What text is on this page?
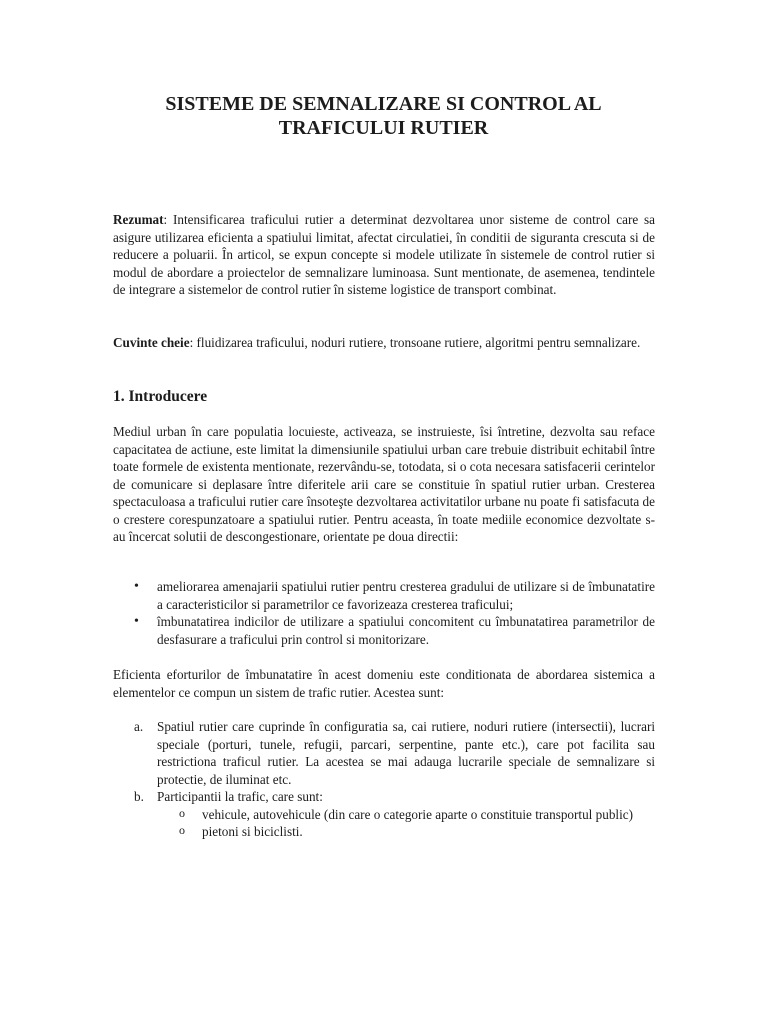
SISTEME DE SEMNALIZARE SI CONTROL AL TRAFICULUI RUTIER

Rezumat: Intensificarea traficului rutier a determinat dezvoltarea unor sisteme de control care sa asigure utilizarea eficienta a spatiului limitat, afectat circulatiei, în conditii de siguranta crescuta si de reducere a poluarii. În articol, se expun concepte si modele utilizate în sistemele de control rutier si modul de abordare a proiectelor de semnalizare luminoasa. Sunt mentionate, de asemenea, tendintele de integrare a sistemelor de control rutier în sisteme logistice de transport combinat.

Cuvinte cheie: fluidizarea traficului, noduri rutiere, tronsoane rutiere, algoritmi pentru semnalizare.

1. Introducere

Mediul urban în care populatia locuieste, activeaza, se instruieste, îsi întretine, dezvolta sau reface capacitatea de actiune, este limitat la dimensiunile spatiului urban care trebuie distribuit echitabil între toate formele de existenta mentionate, rezervându-se, totodata, si o cota necesara satisfacerii cerintelor de comunicare si deplasare între diferitele arii care se constituie în spatiul rutier urban. Cresterea spectaculoasa a traficului rutier care însoteşte dezvoltarea activitatilor urbane nu poate fi satisfacuta de o crestere corespunzatoare a spatiului rutier. Pentru aceasta, în toate mediile economice dezvoltate s-au încercat solutii de descongestionare, orientate pe doua directii:

• ameliorarea amenajarii spatiului rutier pentru cresterea gradului de utilizare si de îmbunatatire a caracteristicilor si parametrilor ce favorizeaza cresterea traficului;
• îmbunatatirea indicilor de utilizare a spatiului concomitent cu îmbunatatirea parametrilor de desfasurare a traficului prin control si monitorizare.

Eficienta eforturilor de îmbunatatire în acest domeniu este conditionata de abordarea sistemica a elementelor ce compun un sistem de trafic rutier. Acestea sunt:

a. Spatiul rutier care cuprinde în configuratia sa, cai rutiere, noduri rutiere (intersectii), lucrari speciale (porturi, tunele, refugii, parcari, serpentine, pante etc.), care pot facilita sau restrictiona traficul rutier. La acestea se mai adauga lucrarile speciale de semnalizare si protectie, de iluminat etc.
b. Participantii la trafic, care sunt:
o vehicule, autovehicule (din care o categorie aparte o constituie transportul public)
o pietoni si biciclisti.
